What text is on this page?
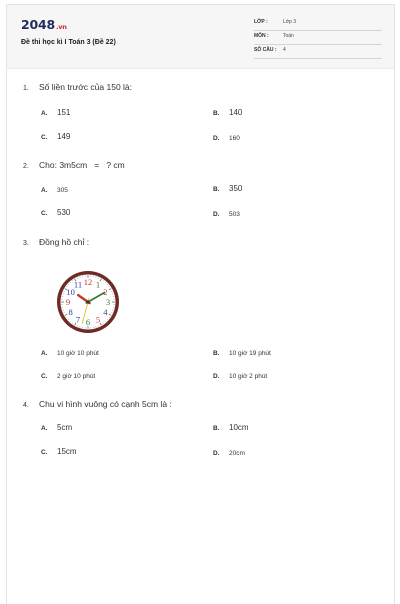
2048.vn
Đề thi học kì I Toán 3 (Đề 22)
LỚP :	Lớp 3
MÔN :	Toán
SỐ CÂU : 4
1. Số liền trước của 150 là:
A. 151	B. 140
C. 149	D. 160
2. Cho: 3m5cm   =   ? cm
A. 305	B. 350
C. 530	D. 503
3. Đồng hồ chỉ :
12 1
2
3
4
5
6
7
8
9
10
11
A. 10 giờ 10 phút	B. 10 giờ 19 phút
C. 2 giờ 10 phút	D. 10 giờ 2 phút
4. Chu vi hình vuông có cạnh 5cm là :
A. 5cm	B. 10cm
C. 15cm	D. 20cm
